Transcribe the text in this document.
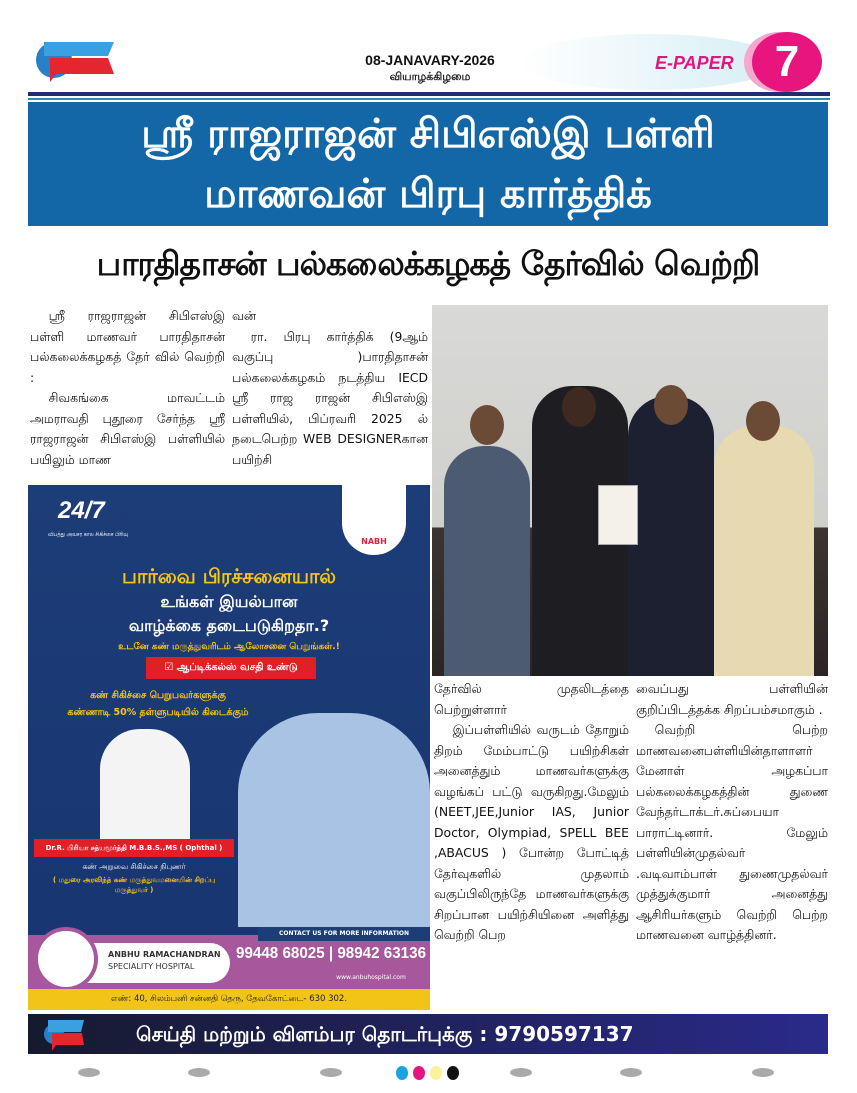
08-JANAVARY-2026
வியாழக்கிழமை
E-PAPER 7
ஸ்ரீ ராஜராஜன் சிபிஎஸ்இ பள்ளி
மாணவன் பிரபு கார்த்திக்
பாரதிதாசன் பல்கலைக்கழகத் தேர்வில் வெற்றி

ஸ்ரீ ராஜராஜன் சிபிஎஸ்இ பள்ளி மாணவர் பாரதிதாசன் பல்கலைக்கழகத் தேர் வில் வெற்றி :

சிவகங்கை மாவட்டம் அமராவதி புதூரை சேர்ந்த ஸ்ரீ ராஜராஜன் சிபிஎஸ்இ பள்ளியில் பயிலும் மாண

வன்

ரா. பிரபு கார்த்திக் (9ஆம் வகுப்பு )பாரதிதாசன் பல்கலைக்கழகம் நடத்திய IECD ஸ்ரீ ராஜ ராஜன் சிபிஎஸ்இ பள்ளியில், பிப்ரவரி 2025 ல் நடைபெற்ற WEB DESIGNERகான பயிற்சி

24/7
விபத்து அவசர கால சிகிச்சை பிரிவு
NABH
பார்வை பிரச்சனையால்
உங்கள் இயல்பான
வாழ்க்கை தடைபடுகிறதா.?
உடனே கண் மருத்துவரிடம் ஆலோசனை பெறுங்கள்.!
☑ ஆப்டிக்கல்ஸ் வசதி உண்டு
கண் சிகிச்சை பெறுபவர்களுக்கு
கண்ணாடி 50% தள்ளுபடியில் கிடைக்கும்
Dr.R. பிரியா சத்யமூர்த்தி M.B.B.S.,MS ( Ophthal )
கண் அறுவை சிகிச்சை நிபுணர்
( மதுரை அரவிந்த் கண் மருத்துவமனையின் சிறப்பு மருத்துவர் )
CONTACT US FOR MORE INFORMATION
ANBHU RAMACHANDRAN
SPECIALITY HOSPITAL
99448 68025 | 98942 63136
www.anbuhospital.com
எண்: 40, சிலம்பனி சன்னதி தெரு, தேவகோட்டை- 630 302.

தேர்வில் முதலிடத்தை பெற்றுள்ளார்

இப்பள்ளியில் வருடம் தோறும் திறம் மேம்பாட்டு பயிற்சிகள் அனைத்தும் மாணவர்களுக்கு வழங்கப் பட்டு வருகிறது.மேலும் (NEET,JEE,Junior IAS, Junior Doctor, Olympiad, SPELL BEE ,ABACUS ) போன்ற போட்டித் தேர்வுகளில் முதலாம் வகுப்பிலிருந்தே மாணவர்களுக்கு சிறப்பான பயிற்சியினை அளித்து வெற்றி பெற

வைப்பது பள்ளியின் குறிப்பிடத்தக்க சிறப்பம்சமாகும் .

வெற்றி பெற்ற மாணவனைபள்ளியின்தாளாளர் மேனாள் அழகப்பா பல்கலைக்கழகத்தின் துணை வேந்தர்டாக்டர்.சுப்பையா பாராட்டினார். மேலும் பள்ளியின்முதல்வர் .வடிவாம்பாள் துணைமுதல்வர் முத்துக்குமார் அனைத்து ஆசிரியர்களும் வெற்றி பெற்ற மாணவனை வாழ்த்தினர்.

செய்தி மற்றும் விளம்பர தொடர்புக்கு : 9790597137
